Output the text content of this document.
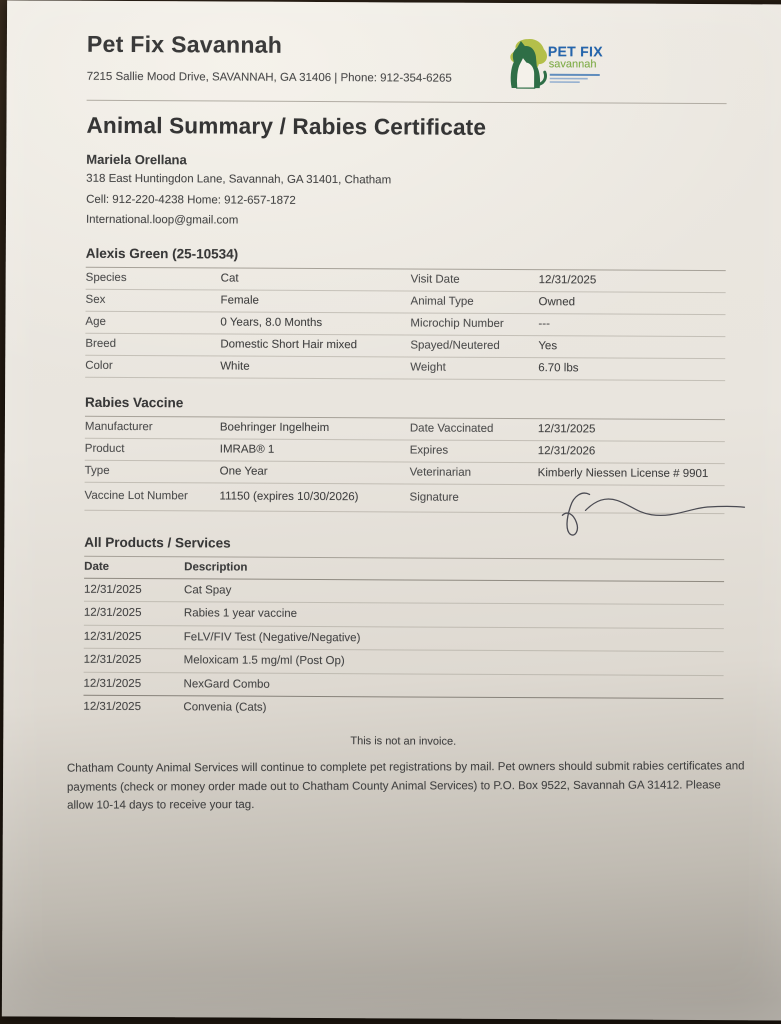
PET FIX
savannah
Pet Fix Savannah
7215 Sallie Mood Drive, SAVANNAH, GA 31406 | Phone: 912-354-6265
Animal Summary / Rabies Certificate
Mariela Orellana
318 East Huntingdon Lane, Savannah, GA 31401, Chatham
Cell: 912-220-4238 Home: 912-657-1872
International.loop@gmail.com
Alexis Green (25-10534)
Species	Cat	Visit Date	12/31/2025
Sex	Female	Animal Type	Owned
Age	0 Years, 8.0 Months	Microchip Number	---
Breed	Domestic Short Hair mixed	Spayed/Neutered	Yes
Color	White	Weight	6.70 lbs
Rabies Vaccine
Manufacturer	Boehringer Ingelheim	Date Vaccinated	12/31/2025
Product	IMRAB® 1	Expires	12/31/2026
Type	One Year	Veterinarian	Kimberly Niessen License # 9901
Vaccine Lot Number	11150 (expires 10/30/2026)	Signature
All Products / Services
Date	Description
12/31/2025	Cat Spay
12/31/2025	Rabies 1 year vaccine
12/31/2025	FeLV/FIV Test (Negative/Negative)
12/31/2025	Meloxicam 1.5 mg/ml (Post Op)
12/31/2025	NexGard Combo
12/31/2025	Convenia (Cats)
This is not an invoice.

Chatham County Animal Services will continue to complete pet registrations by mail. Pet owners should submit rabies certificates and payments (check or money order made out to Chatham County Animal Services) to P.O. Box 9522, Savannah GA 31412. Please allow 10-14 days to receive your tag.
